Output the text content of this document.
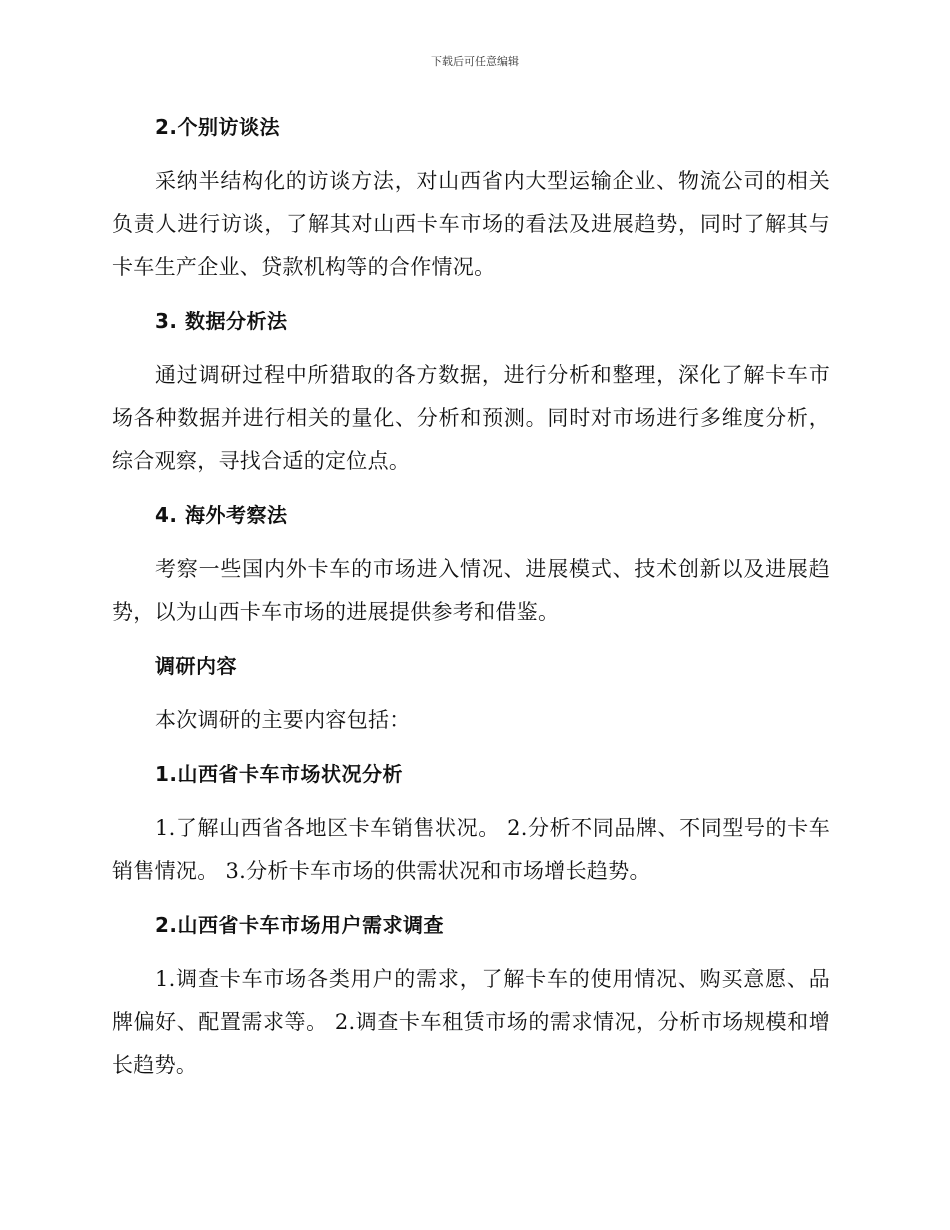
下载后可任意编辑
2.个别访谈法

采纳半结构化的访谈方法，对山西省内大型运输企业、物流公司的相关负责人进行访谈，了解其对山西卡车市场的看法及进展趋势，同时了解其与卡车生产企业、贷款机构等的合作情况。

3. 数据分析法

通过调研过程中所猎取的各方数据，进行分析和整理，深化了解卡车市场各种数据并进行相关的量化、分析和预测。同时对市场进行多维度分析，综合观察，寻找合适的定位点。

4. 海外考察法

考察一些国内外卡车的市场进入情况、进展模式、技术创新以及进展趋势，以为山西卡车市场的进展提供参考和借鉴。

调研内容

本次调研的主要内容包括：

1.山西省卡车市场状况分析

1.了解山西省各地区卡车销售状况。 2.分析不同品牌、不同型号的卡车销售情况。 3.分析卡车市场的供需状况和市场增长趋势。

2.山西省卡车市场用户需求调查

1.调查卡车市场各类用户的需求，了解卡车的使用情况、购买意愿、品牌偏好、配置需求等。 2.调查卡车租赁市场的需求情况，分析市场规模和增长趋势。
